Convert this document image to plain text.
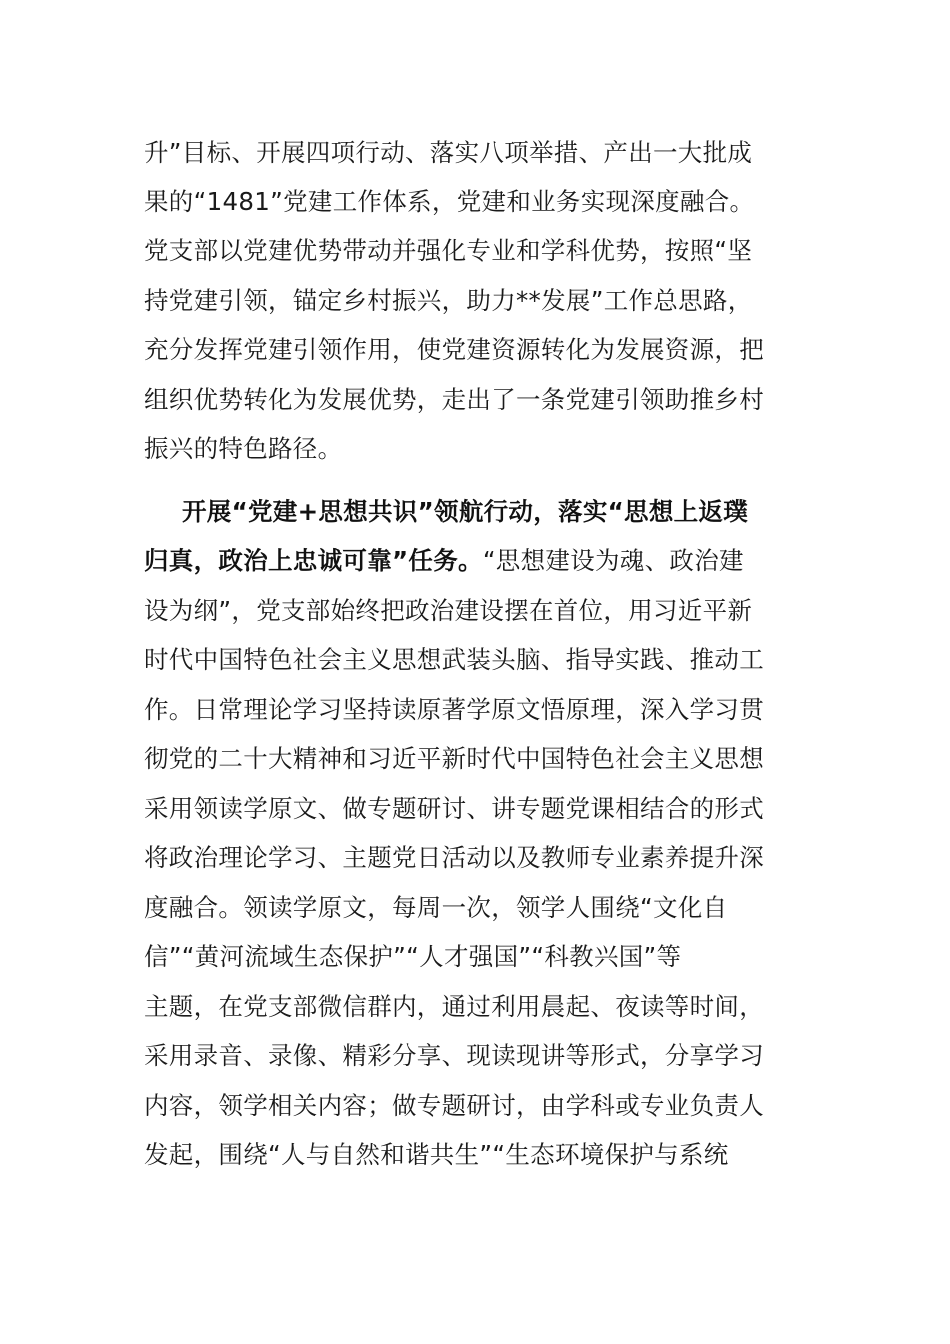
升”目标、开展四项行动、落实八项举措、产出一大批成
果的“1481”党建工作体系，党建和业务实现深度融合。
党支部以党建优势带动并强化专业和学科优势，按照“坚
持党建引领，锚定乡村振兴，助力**发展”工作总思路，
充分发挥党建引领作用，使党建资源转化为发展资源，把
组织优势转化为发展优势，走出了一条党建引领助推乡村
振兴的特色路径。
开展“党建+思想共识”领航行动，落实“思想上返璞
归真，政治上忠诚可靠”任务。“思想建设为魂、政治建
设为纲”，党支部始终把政治建设摆在首位，用习近平新
时代中国特色社会主义思想武装头脑、指导实践、推动工
作。日常理论学习坚持读原著学原文悟原理，深入学习贯
彻党的二十大精神和习近平新时代中国特色社会主义思想
采用领读学原文、做专题研讨、讲专题党课相结合的形式
将政治理论学习、主题党日活动以及教师专业素养提升深
度融合。领读学原文，每周一次，领学人围绕“文化自
信”“黄河流域生态保护”“人才强国”“科教兴国”等
主题，在党支部微信群内，通过利用晨起、夜读等时间，
采用录音、录像、精彩分享、现读现讲等形式，分享学习
内容，领学相关内容；做专题研讨，由学科或专业负责人
发起，围绕“人与自然和谐共生”“生态环境保护与系统
